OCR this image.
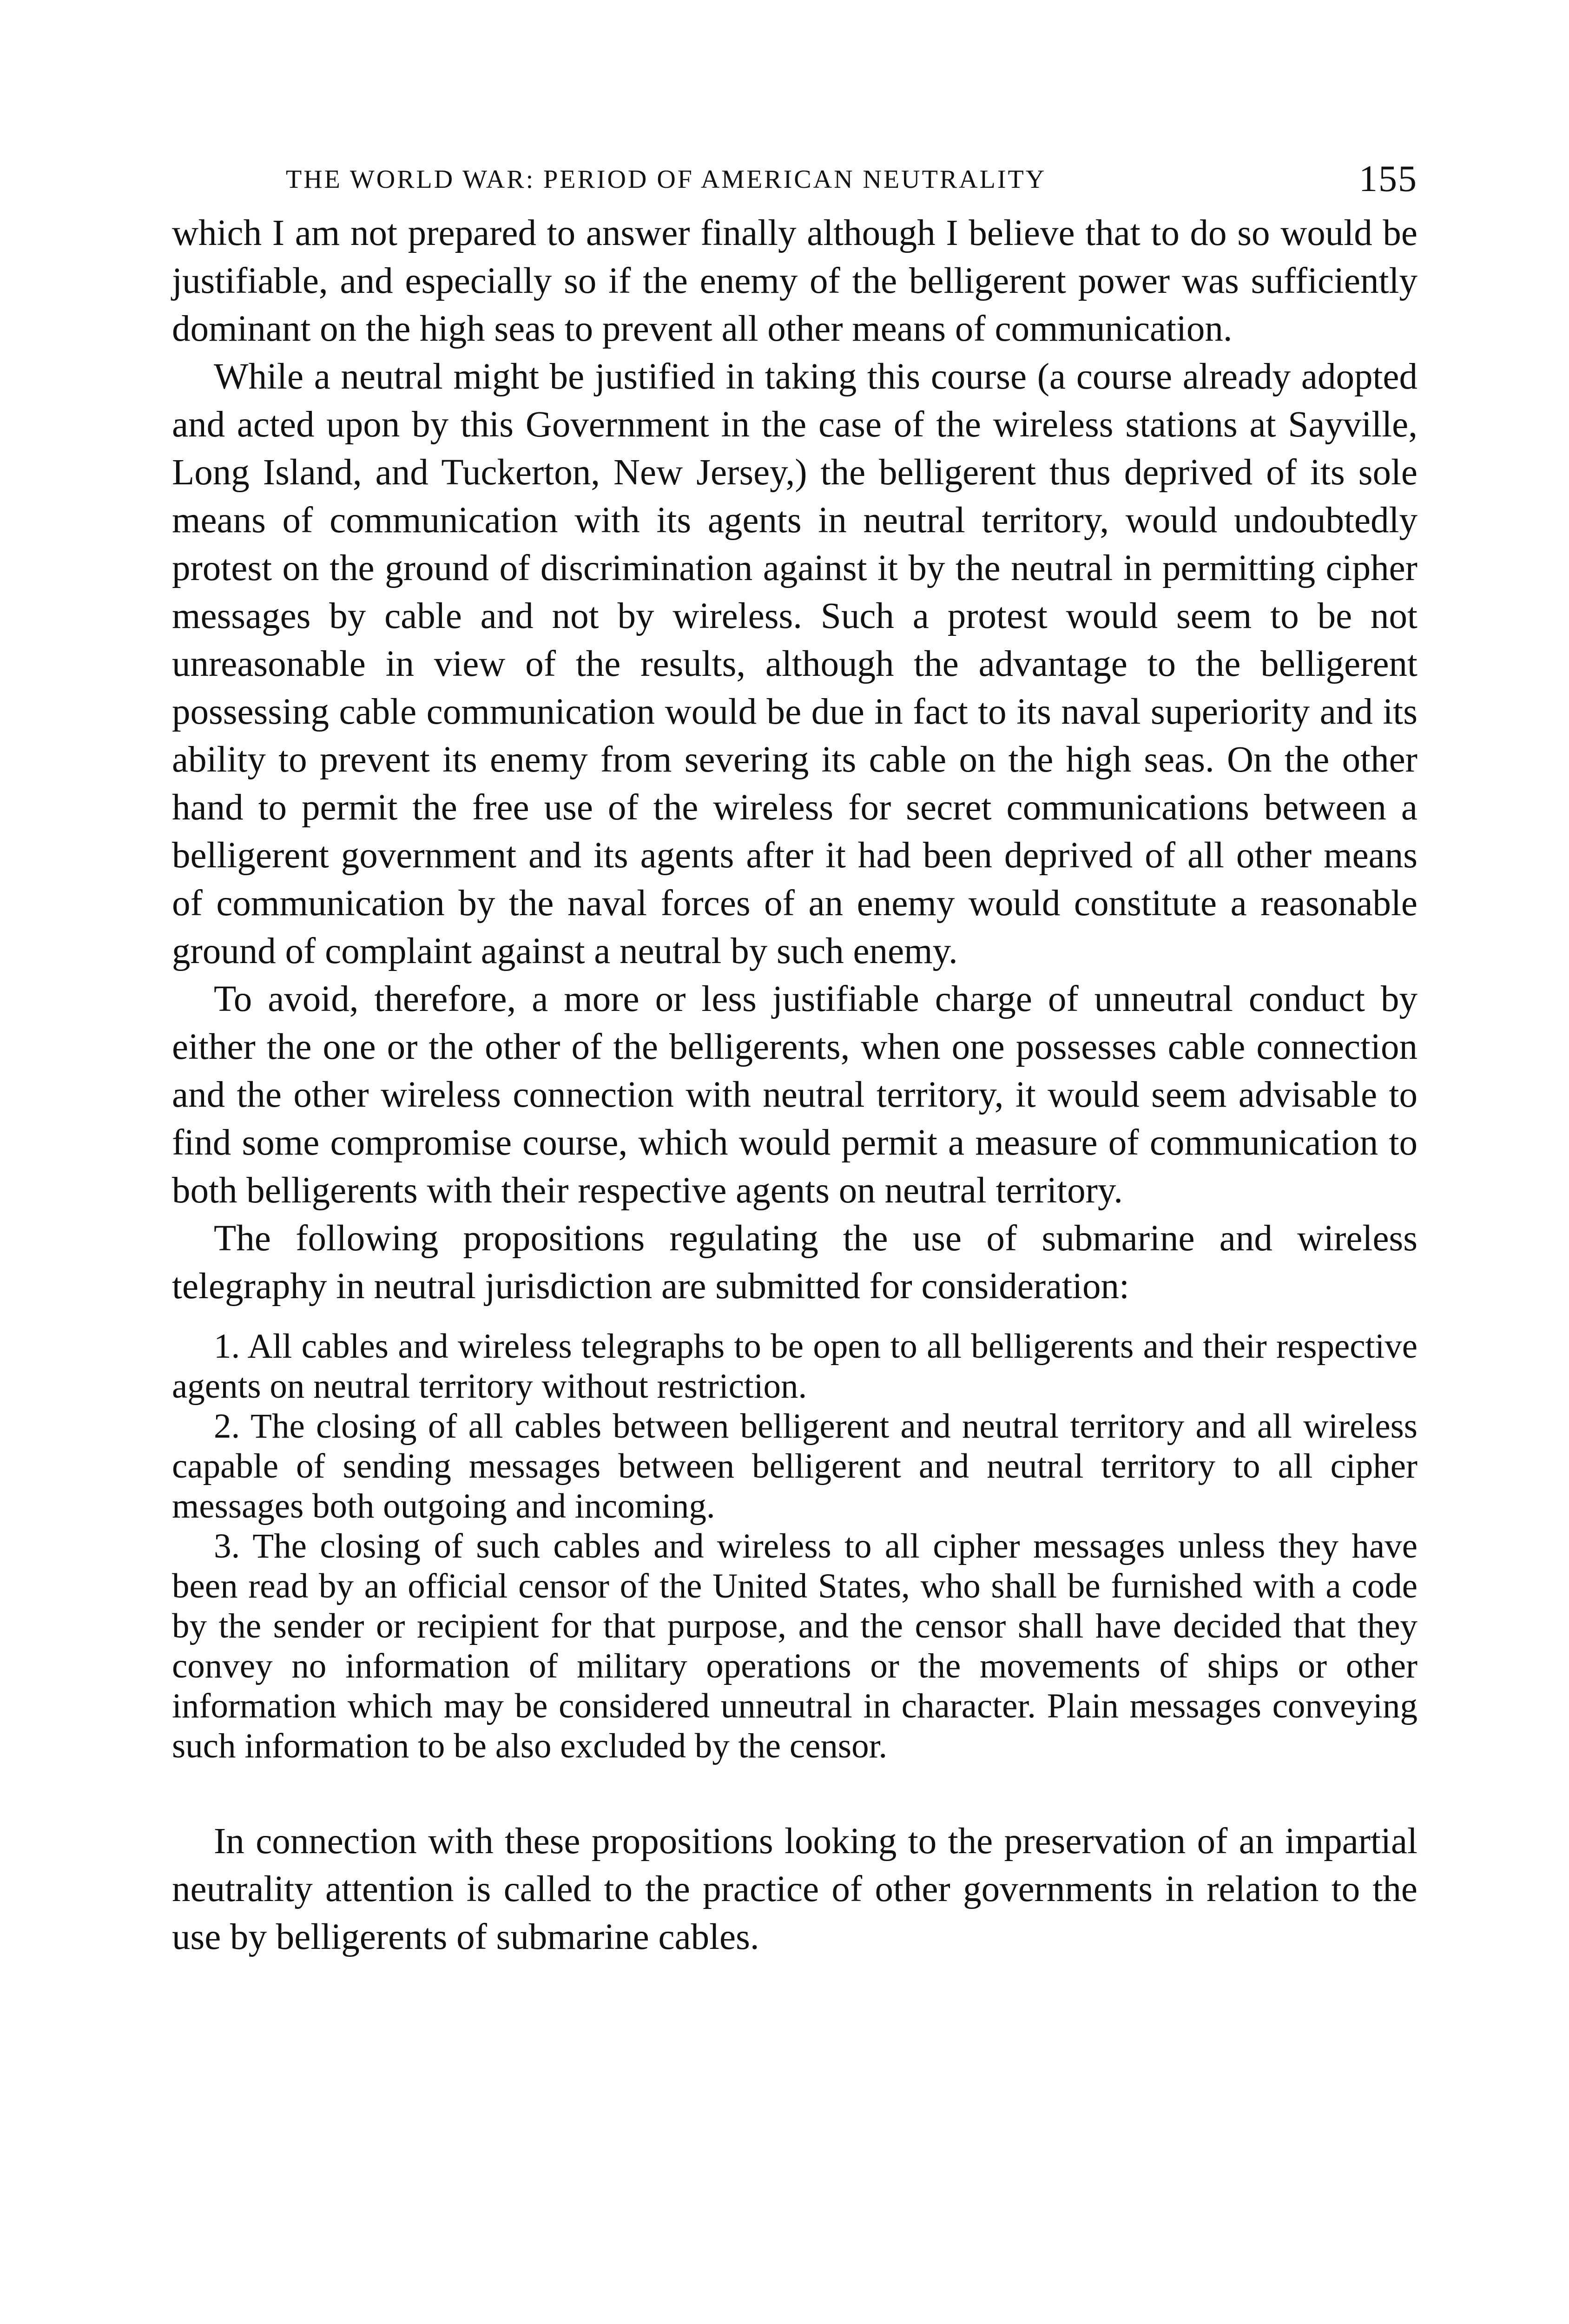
THE WORLD WAR: PERIOD OF AMERICAN NEUTRALITY	155

which I am not prepared to answer finally although I believe that to do so would be justifiable, and especially so if the enemy of the belligerent power was sufficiently dominant on the high seas to prevent all other means of communication.

While a neutral might be justified in taking this course (a course already adopted and acted upon by this Government in the case of the wireless stations at Sayville, Long Island, and Tuckerton, New Jersey,) the belligerent thus deprived of its sole means of communication with its agents in neutral territory, would undoubtedly protest on the ground of discrimination against it by the neutral in permitting cipher messages by cable and not by wireless. Such a protest would seem to be not unreasonable in view of the results, although the advantage to the belligerent possessing cable communication would be due in fact to its naval superiority and its ability to prevent its enemy from severing its cable on the high seas. On the other hand to permit the free use of the wireless for secret communications between a belligerent government and its agents after it had been deprived of all other means of communication by the naval forces of an enemy would constitute a reasonable ground of complaint against a neutral by such enemy.

To avoid, therefore, a more or less justifiable charge of unneutral conduct by either the one or the other of the belligerents, when one possesses cable connection and the other wireless connection with neutral territory, it would seem advisable to find some compromise course, which would permit a measure of communication to both belligerents with their respective agents on neutral territory.

The following propositions regulating the use of submarine and wireless telegraphy in neutral jurisdiction are submitted for consideration:

1. All cables and wireless telegraphs to be open to all belligerents and their respective agents on neutral territory without restriction.

2. The closing of all cables between belligerent and neutral territory and all wireless capable of sending messages between belligerent and neutral territory to all cipher messages both outgoing and incoming.

3. The closing of such cables and wireless to all cipher messages unless they have been read by an official censor of the United States, who shall be furnished with a code by the sender or recipient for that purpose, and the censor shall have decided that they convey no information of military operations or the movements of ships or other information which may be considered unneutral in character. Plain messages conveying such information to be also excluded by the censor.

In connection with these propositions looking to the preservation of an impartial neutrality attention is called to the practice of other governments in relation to the use by belligerents of submarine cables.
